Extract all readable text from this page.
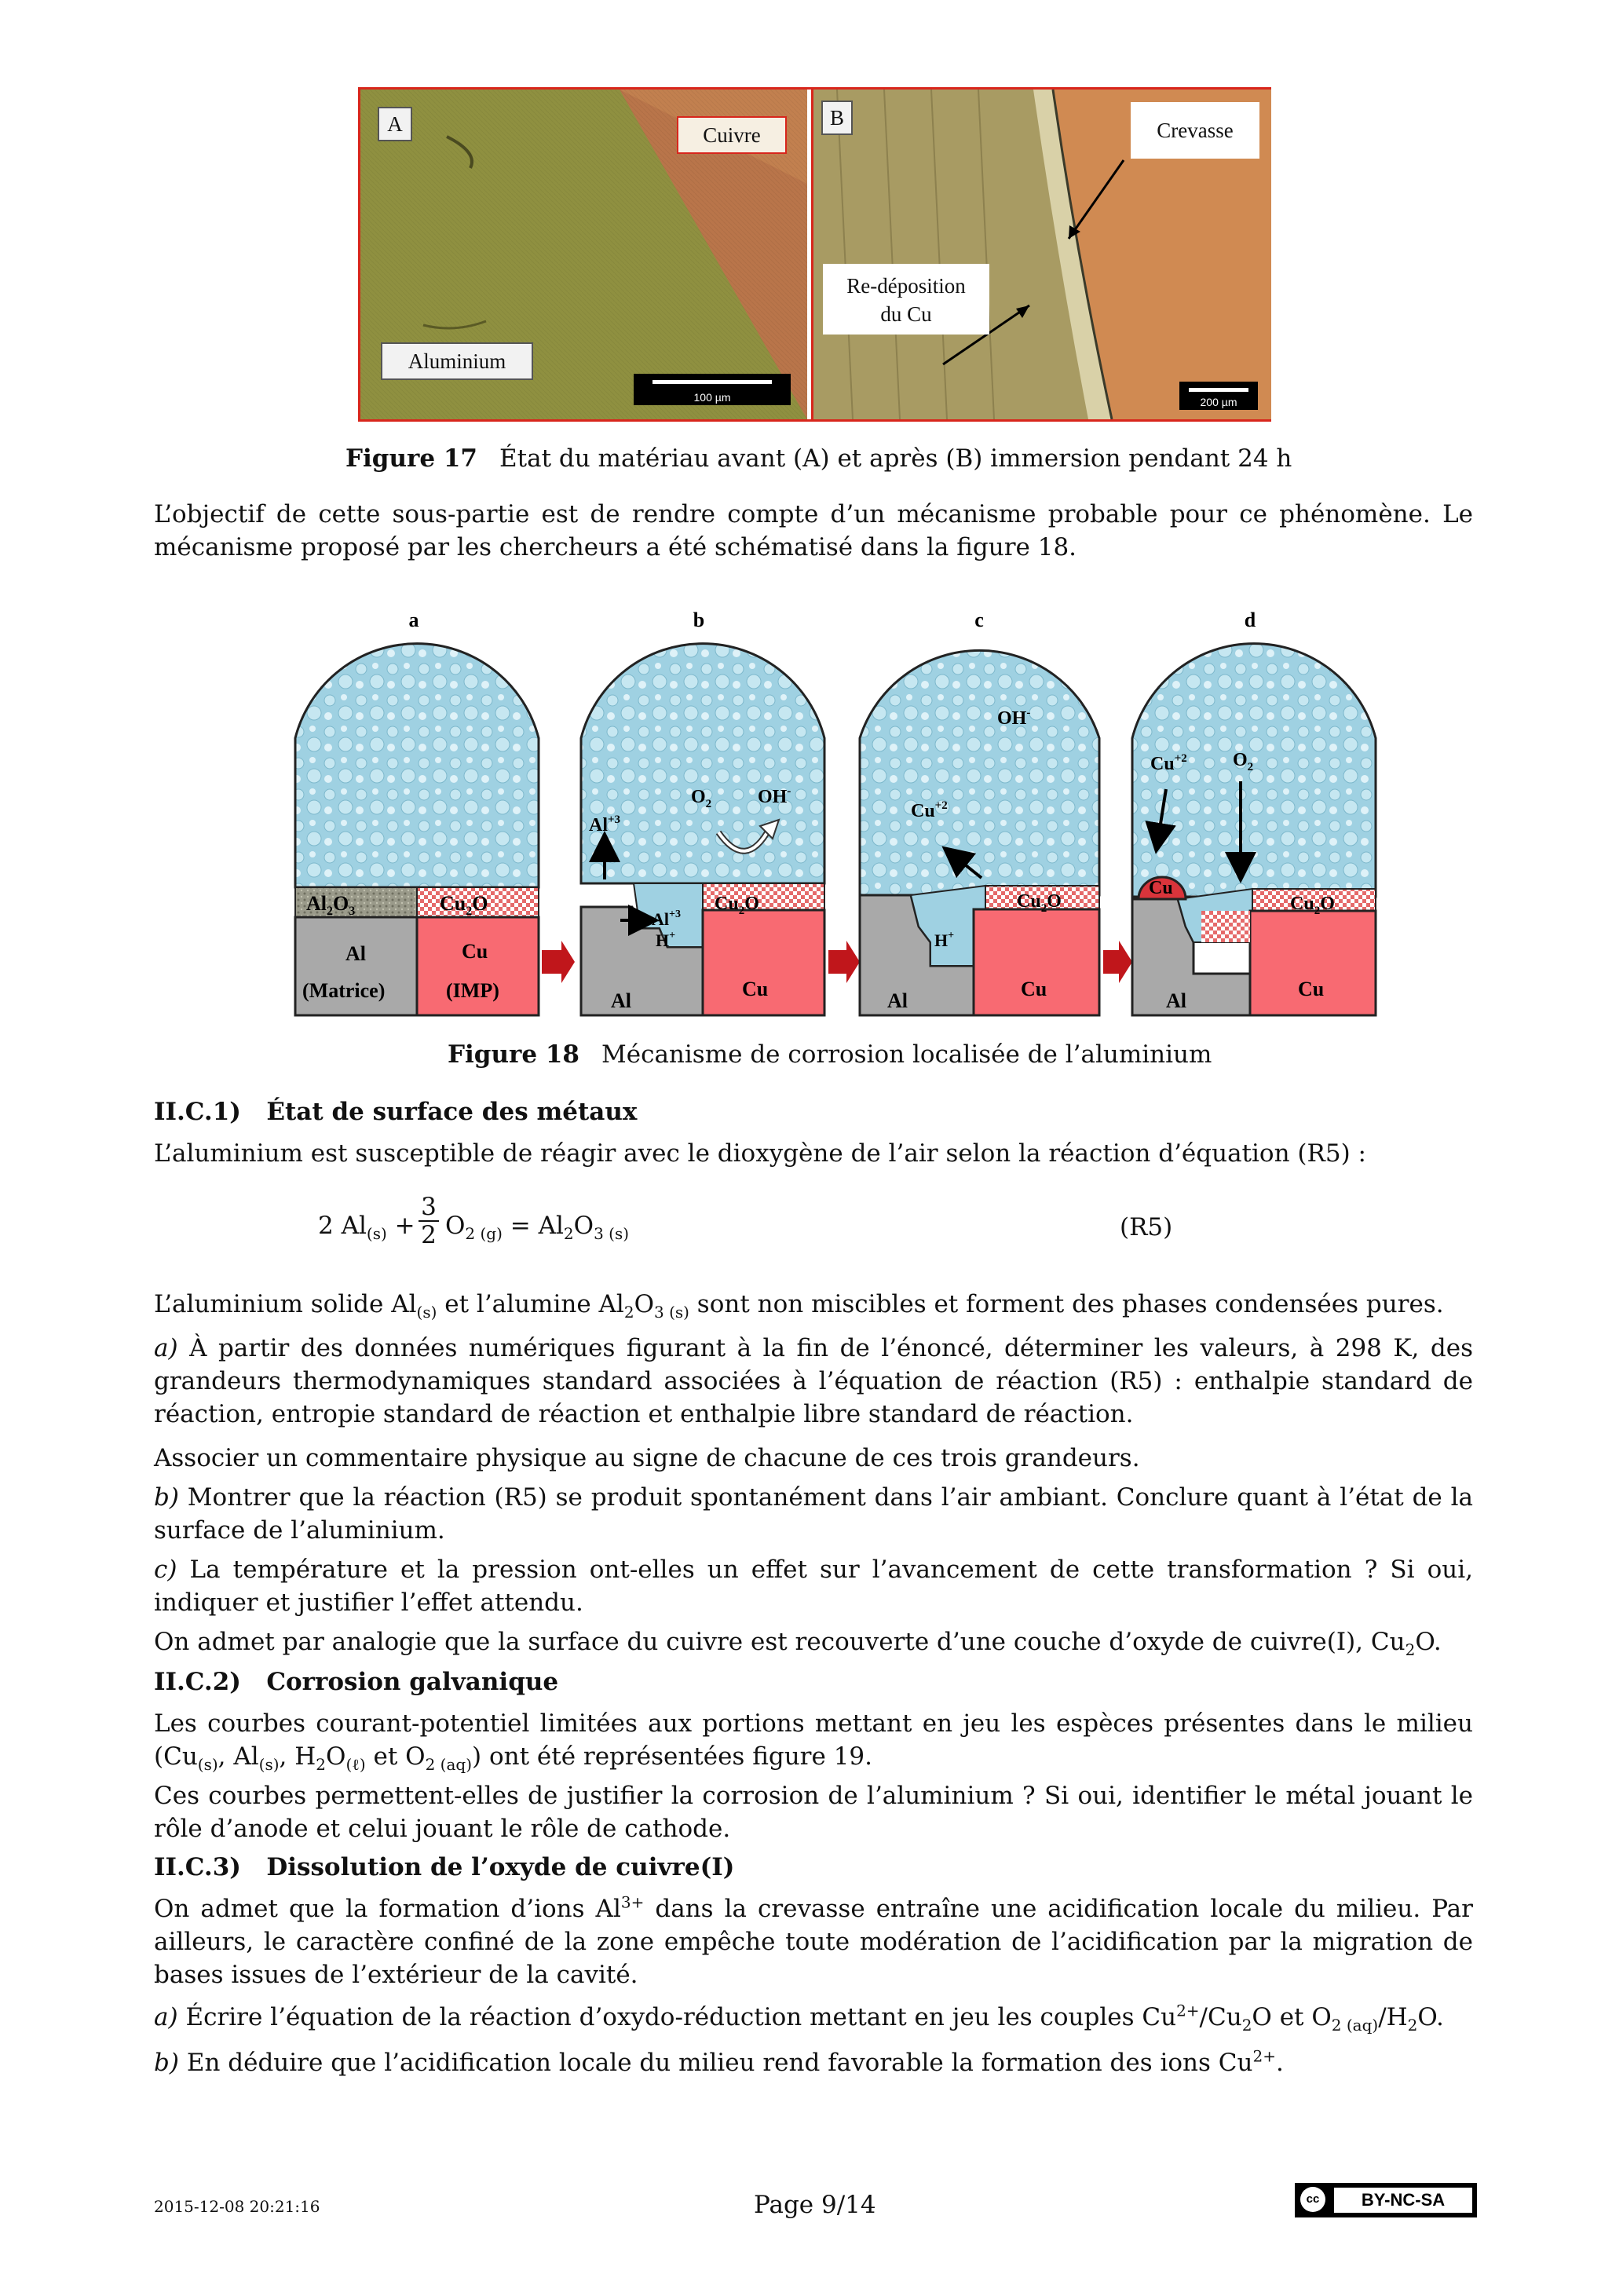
A	Cuivre
Aluminium
100 µm
B
Crevasse
Re-déposition
du Cu
200 µm
Figure 17 État du matériau avant (A) et après (B) immersion pendant 24 h
L’objectif de cette sous-partie est de rendre compte d’un mécanisme probable pour ce phénomène. Le mécanisme proposé par les chercheurs a été schématisé dans la figure 18.
a	b	c	d
$Al_2O_3$	$Cu_2O$
Al
(Matrice)
Cu
(IMP)
$Al^{+3}$
$O_2$ OH-
$Al^{+3}$
H+
$Cu_2O$
Al
Cu
OH-
$Cu^{+2}$
H+
$Cu_2O$
Al
Cu
Cu
$Cu^{+2}$ $O_2$
$Cu_2O$
Al
Cu
Figure 18 Mécanisme de corrosion localisée de l’aluminium
II.C.1)   État de surface des métaux
L’aluminium est susceptible de réagir avec le dioxygène de l’air selon la réaction d’équation (R5) :
2 $Al_{(s)}$ +
3

2 $O_{2 (g)} = Al_2O_{3 (s)}$	(R5)
L’aluminium solide $Al_{(s)}$ et l’alumine $Al_2O_{3 (s)}$ sont non miscibles et forment des phases condensées pures.
a) À partir des données numériques figurant à la fin de l’énoncé, déterminer les valeurs, à 298 K, des grandeurs thermodynamiques standard associées à l’équation de réaction (R5) : enthalpie standard de réaction, entropie standard de réaction et enthalpie libre standard de réaction.
Associer un commentaire physique au signe de chacune de ces trois grandeurs.
b) Montrer que la réaction (R5) se produit spontanément dans l’air ambiant. Conclure quant à l’état de la surface de l’aluminium.
c) La température et la pression ont-elles un effet sur l’avancement de cette transformation ? Si oui, indiquer et justifier l’effet attendu.
On admet par analogie que la surface du cuivre est recouverte d’une couche d’oxyde de cuivre(I), $Cu_2O$.
II.C.2)   Corrosion galvanique
Les courbes courant-potentiel limitées aux portions mettant en jeu les espèces présentes dans le milieu ($Cu_{(s)}$, $Al_{(s)}$, $H_2O_{(\ell)}$ et $O_{2 (aq)}$) ont été représentées figure 19.
Ces courbes permettent-elles de justifier la corrosion de l’aluminium ? Si oui, identifier le métal jouant le rôle d’anode et celui jouant le rôle de cathode.
II.C.3)   Dissolution de l’oxyde de cuivre(I)
On admet que la formation d’ions $Al^{3+}$ dans la crevasse entraîne une acidification locale du milieu. Par ailleurs, le caractère confiné de la zone empêche toute modération de l’acidification par la migration de bases issues de l’extérieur de la cavité.
a) Écrire l’équation de la réaction d’oxydo-réduction mettant en jeu les couples $Cu^{2+}/Cu_2O$ et $O_{2 (aq)}/H_2O$.
b) En déduire que l’acidification locale du milieu rend favorable la formation des ions $Cu^{2+}$.
2015-12-08 20:21:16	Page 9/14	cc	BY-NC-SA
